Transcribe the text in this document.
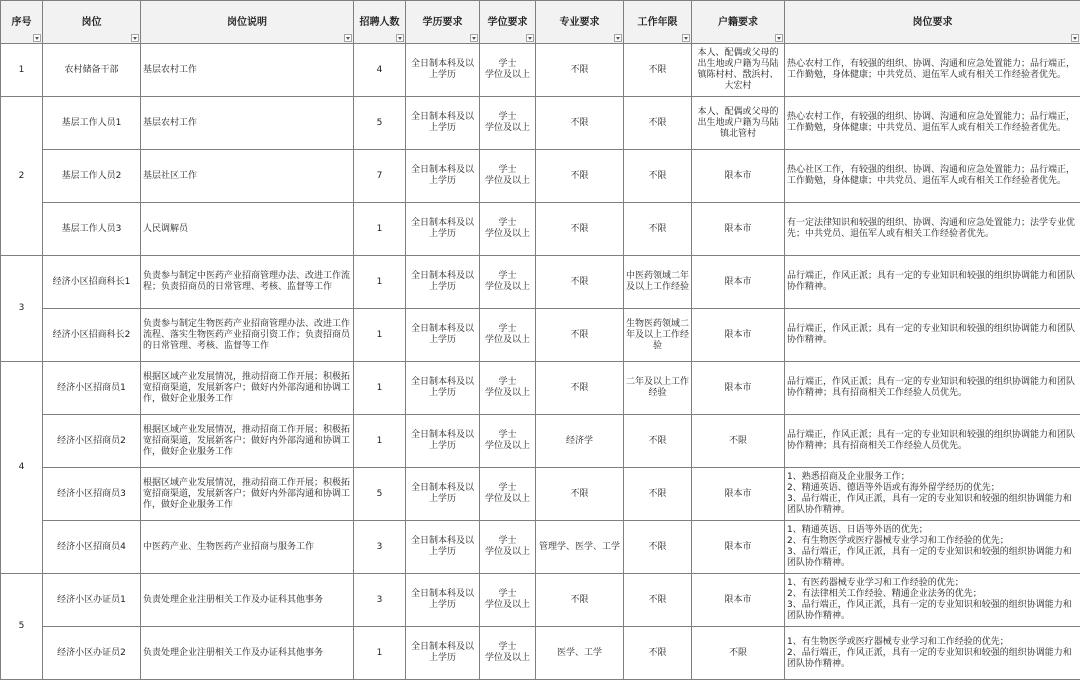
序号	岗位	岗位说明	招聘人数	学历要求	学位要求	专业要求	工作年限	户籍要求	岗位要求

1	农村储备干部	基层农村工作	4	全日制本科及以上学历	学士
学位及以上	不限	不限	本人、配偶或父母的出生地或户籍为马陆镇陈村村、戬浜村、大宏村	热心农村工作，有较强的组织、协调、沟通和应急处置能力；品行端正，工作勤勉，身体健康；中共党员、退伍军人或有相关工作经验者优先。
2	基层工作人员1	基层农村工作	5	全日制本科及以上学历	学士
学位及以上	不限	不限	本人、配偶或父母的出生地或户籍为马陆镇北管村	热心农村工作，有较强的组织、协调、沟通和应急处置能力；品行端正，工作勤勉，身体健康；中共党员、退伍军人或有相关工作经验者优先。
	基层工作人员2	基层社区工作	7	全日制本科及以上学历	学士
学位及以上	不限	不限	限本市	热心社区工作，有较强的组织、协调、沟通和应急处置能力；品行端正，工作勤勉，身体健康；中共党员、退伍军人或有相关工作经验者优先。
	基层工作人员3	人民调解员	1	全日制本科及以上学历	学士
学位及以上	不限	不限	限本市	有一定法律知识和较强的组织、协调、沟通和应急处置能力；法学专业优先；中共党员、退伍军人或有相关工作经验者优先。
3	经济小区招商科长1	负责参与制定中医药产业招商管理办法、改进工作流程；负责招商员的日常管理、考核、监督等工作	1	全日制本科及以上学历	学士
学位及以上	不限	中医药领域二年及以上工作经验	限本市	品行端正，作风正派；具有一定的专业知识和较强的组织协调能力和团队协作精神。
	经济小区招商科长2	负责参与制定生物医药产业招商管理办法、改进工作流程、落实生物医药产业招商引资工作；负责招商员的日常管理、考核、监督等工作	1	全日制本科及以上学历	学士
学位及以上	不限	生物医药领域二年及以上工作经验	限本市	品行端正，作风正派；具有一定的专业知识和较强的组织协调能力和团队协作精神。
4	经济小区招商员1	根据区域产业发展情况，推动招商工作开展；积极拓宽招商渠道，发展新客户；做好内外部沟通和协调工作，做好企业服务工作	1	全日制本科及以上学历	学士
学位及以上	不限	二年及以上工作经验	限本市	品行端正，作风正派；具有一定的专业知识和较强的组织协调能力和团队协作精神；具有招商相关工作经验人员优先。
	经济小区招商员2	根据区域产业发展情况，推动招商工作开展；积极拓宽招商渠道，发展新客户；做好内外部沟通和协调工作，做好企业服务工作	1	全日制本科及以上学历	学士
学位及以上	经济学	不限	不限	品行端正，作风正派；具有一定的专业知识和较强的组织协调能力和团队协作精神；具有招商相关工作经验人员优先。
	经济小区招商员3	根据区域产业发展情况，推动招商工作开展；积极拓宽招商渠道，发展新客户；做好内外部沟通和协调工作，做好企业服务工作	5	全日制本科及以上学历	学士
学位及以上	不限	不限	限本市	1、熟悉招商及企业服务工作；
2、精通英语、德语等外语或有海外留学经历的优先；
3、品行端正，作风正派，具有一定的专业知识和较强的组织协调能力和团队协作精神。
	经济小区招商员4	中医药产业、生物医药产业招商与服务工作	3	全日制本科及以上学历	学士
学位及以上	管理学、医学、工学	不限	限本市	1、精通英语、日语等外语的优先；
2、有生物医学或医疗器械专业学习和工作经验的优先；
3、品行端正，作风正派，具有一定的专业知识和较强的组织协调能力和团队协作精神。
5	经济小区办证员1	负责处理企业注册相关工作及办证科其他事务	3	全日制本科及以上学历	学士
学位及以上	不限	不限	限本市	1、有医药器械专业学习和工作经验的优先；
2、有法律相关工作经验、精通企业法务的优先；
3、品行端正，作风正派，具有一定的专业知识和较强的组织协调能力和团队协作精神。
	经济小区办证员2	负责处理企业注册相关工作及办证科其他事务	1	全日制本科及以上学历	学士
学位及以上	医学、工学	不限	不限	1、有生物医学或医疗器械专业学习和工作经验的优先；
2、品行端正，作风正派，具有一定的专业知识和较强的组织协调能力和团队协作精神。
